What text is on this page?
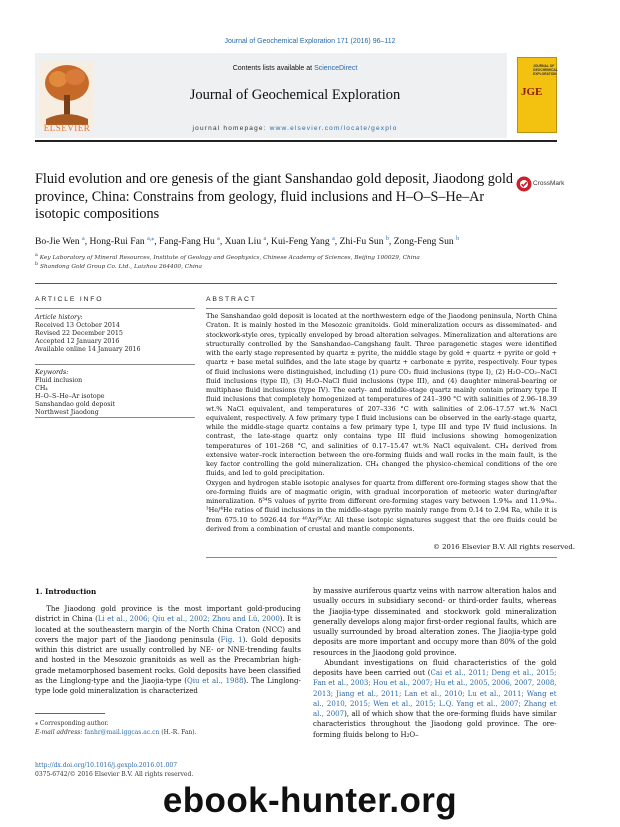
Journal of Geochemical Exploration 171 (2016) 96–112
ELSEVIER
Contents lists available at ScienceDirect
Journal of Geochemical Exploration
journal homepage: www.elsevier.com/locate/gexplo
JOURNAL OF GEOCHEMICAL EXPLORATION
JGE
Fluid evolution and ore genesis of the giant Sanshandao gold deposit, Jiaodong gold province, China: Constrains from geology, fluid inclusions and H–O–S–He–Ar isotopic compositions
CrossMark
Bo-Jie Wen $^a$, Hong-Rui Fan $^{a,⁎}$, Fang-Fang Hu $^a$, Xuan Liu $^a$, Kui-Feng Yang $^a$, Zhi-Fu Sun $^b$, Zong-Feng Sun $^b$
$^a$ Key Laboratory of Mineral Resources, Institute of Geology and Geophysics, Chinese Academy of Sciences, Beijing 100029, China
$^b$ Shandong Gold Group Co. Ltd., Laizhou 264400, China
ARTICLE INFO	ABSTRACT
Article history:
Received 13 October 2014
Revised 22 December 2015
Accepted 12 January 2016
Available online 14 January 2016
Keywords:
Fluid inclusion
CH₄
H–O–S–He–Ar isotope
Sanshandao gold deposit
Northwest Jiaodong

The Sanshandao gold deposit is located at the northwestern edge of the Jiaodong peninsula, North China Craton. It is mainly hosted in the Mesozoic granitoids. Gold mineralization occurs as disseminated- and stockwork-style ores, typically enveloped by broad alteration selvages. Mineralization and alterations are structurally controlled by the Sanshandao–Cangshang fault. Three paragenetic stages were identified with the early stage represented by quartz ± pyrite, the middle stage by gold + quartz + pyrite or gold + quartz + base metal sulfides, and the late stage by quartz + carbonate ± pyrite, respectively. Four types of fluid inclusions were distinguished, including (1) pure CO₂ fluid inclusions (type I), (2) H₂O–CO₂–NaCl fluid inclusions (type II), (3) H₂O–NaCl fluid inclusions (type III), and (4) daughter mineral-bearing or multiphase fluid inclusions (type IV). The early- and middle-stage quartz mainly contain primary type II fluid inclusions that completely homogenized at temperatures of 241–390 °C with salinities of 2.96–18.39 wt.% NaCl equivalent, and temperatures of 207–336 °C with salinities of 2.06–17.57 wt.% NaCl equivalent, respectively. A few primary type I fluid inclusions can be observed in the early-stage quartz, while the middle-stage quartz contains a few primary type I, type III and type IV fluid inclusions. In contrast, the late-stage quartz only contains type III fluid inclusions showing homogenization temperatures of 101–268 °C, and salinities of 0.17–15.47 wt.% NaCl equivalent. CH₄ derived from extensive water–rock interaction between the ore-forming fluids and wall rocks in the main fault, is the key factor controlling the gold mineralization. CH₄ changed the physico-chemical conditions of the ore fluids, and led to gold precipitation.

Oxygen and hydrogen stable isotopic analyses for quartz from different ore-forming stages show that the ore-forming fluids are of magmatic origin, with gradual incorporation of meteoric water during/after mineralization. δ³⁴S values of pyrite from different ore-forming stages vary between 1.9‰ and 11.9‰. ³He/⁴He ratios of fluid inclusions in the middle-stage pyrite mainly range from 0.14 to 2.94 Ra, while it is from 675.10 to 5926.44 for ⁴⁰Ar/³⁶Ar. All these isotopic signatures suggest that the ore fluids could be derived from a combination of crustal and mantle components.

© 2016 Elsevier B.V. All rights reserved.
1. Introduction
The Jiaodong gold province is the most important gold-producing district in China (Li et al., 2006; Qiu et al., 2002; Zhou and Lü, 2000). It is located at the southeastern margin of the North China Craton (NCC) and covers the major part of the Jiaodong peninsula (Fig. 1). Gold deposits within this district are usually controlled by NE- or NNE-trending faults and hosted in the Mesozoic granitoids as well as the Precambrian high-grade metamorphosed basement rocks. Gold deposits have been classified as the Linglong-type and the Jiaojia-type (Qiu et al., 1988). The Linglong-type lode gold mineralization is characterized

by massive auriferous quartz veins with narrow alteration halos and usually occurs in subsidiary second- or third-order faults, whereas the Jiaojia-type disseminated and stockwork gold mineralization generally develops along major first-order regional faults, which are usually surrounded by broad alteration zones. The Jiaojia-type gold deposits are more important and occupy more than 80% of the gold resources in the Jiaodong gold province.

Abundant investigations on fluid characteristics of the gold deposits have been carried out (Cai et al., 2011; Deng et al., 2015; Fan et al., 2003; Hou et al., 2007; Hu et al., 2005, 2006, 2007, 2008, 2013; Jiang et al., 2011; Lan et al., 2010; Lu et al., 2011; Wang et al., 2010, 2015; Wen et al., 2015; L.Q. Yang et al., 2007; Zhang et al., 2007), all of which show that the ore-forming fluids have similar characteristics throughout the Jiaodong gold province. The ore-forming fluids belong to H₂O–

⁎ Corresponding author.
E-mail address: fanhr@mail.iggcas.ac.cn (H.-R. Fan).
http://dx.doi.org/10.1016/j.gexplo.2016.01.007
0375-6742/© 2016 Elsevier B.V. All rights reserved.
ebook-hunter.org
